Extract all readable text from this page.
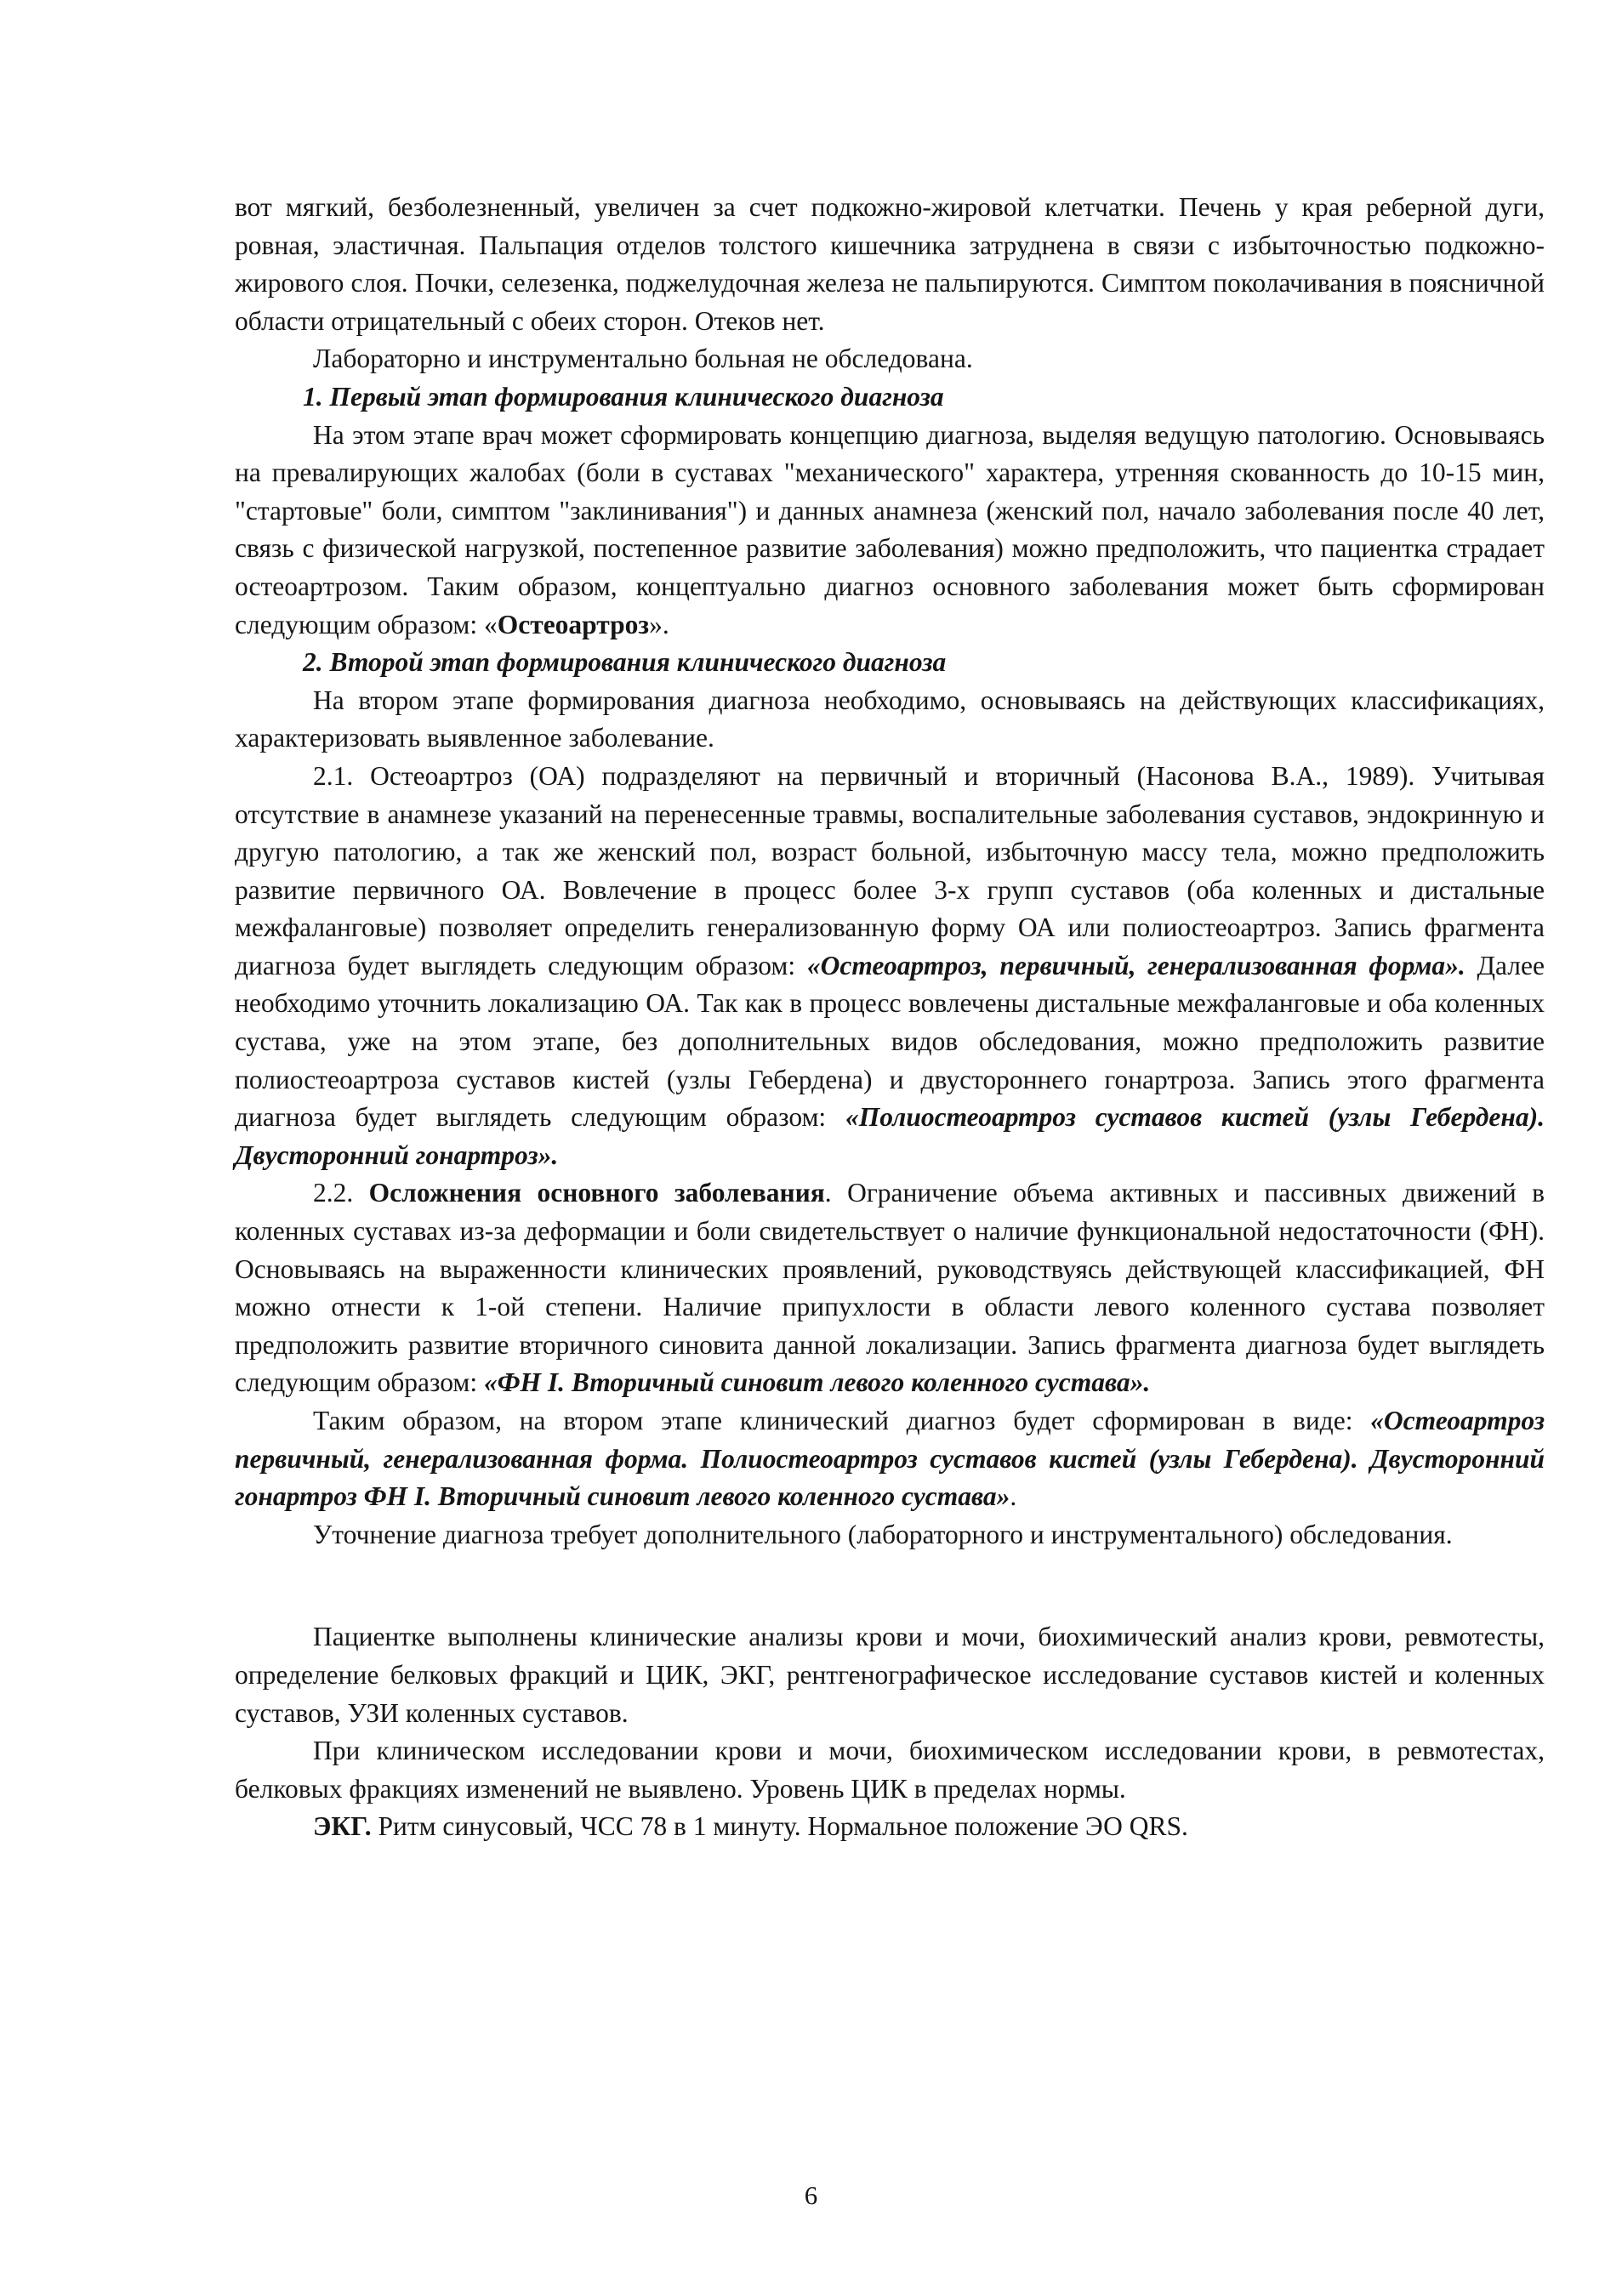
вот мягкий, безболезненный, увеличен за счет подкожно-жировой клетчатки. Печень у края реберной дуги, ровная, эластичная. Пальпация отделов толстого кишечника затруднена в связи с избыточностью подкожно-жирового слоя. Почки, селезенка, поджелудочная железа не пальпируются. Симптом поколачивания в поясничной области отрицательный с обеих сторон. Отеков нет.

Лабораторно и инструментально больная не обследована.

1. Первый этап формирования клинического диагноза

На этом этапе врач может сформировать концепцию диагноза, выделяя ведущую патологию. Основываясь на превалирующих жалобах (боли в суставах "механического" характера, утренняя скованность до 10-15 мин, "стартовые" боли, симптом "заклинивания") и данных анамнеза (женский пол, начало заболевания после 40 лет, связь с физической нагрузкой, постепенное развитие заболевания) можно предположить, что пациентка страдает остеоартрозом. Таким образом, концептуально диагноз основного заболевания может быть сформирован следующим образом: «Остеоартроз».

2. Второй этап формирования клинического диагноза

На втором этапе формирования диагноза необходимо, основываясь на действующих классификациях, характеризовать выявленное заболевание.

2.1. Остеоартроз (ОА) подразделяют на первичный и вторичный (Насонова В.А., 1989). Учитывая отсутствие в анамнезе указаний на перенесенные травмы, воспалительные заболевания суставов, эндокринную и другую патологию, а так же женский пол, возраст больной, избыточную массу тела, можно предположить развитие первичного ОА. Вовлечение в процесс более 3-х групп суставов (оба коленных и дистальные межфаланговые) позволяет определить генерализованную форму ОА или полиостеоартроз. Запись фрагмента диагноза будет выглядеть следующим образом: «Остеоартроз, первичный, генерализованная форма». Далее необходимо уточнить локализацию ОА. Так как в процесс вовлечены дистальные межфаланговые и оба коленных сустава, уже на этом этапе, без дополнительных видов обследования, можно предположить развитие полиостеоартроза суставов кистей (узлы Гебердена) и двустороннего гонартроза. Запись этого фрагмента диагноза будет выглядеть следующим образом: «Полиостеоартроз суставов кистей (узлы Гебердена). Двусторонний гонартроз».

2.2. Осложнения основного заболевания. Ограничение объема активных и пассивных движений в коленных суставах из-за деформации и боли свидетельствует о наличие функциональной недостаточности (ФН). Основываясь на выраженности клинических проявлений, руководствуясь действующей классификацией, ФН можно отнести к 1-ой степени. Наличие припухлости в области левого коленного сустава позволяет предположить развитие вторичного синовита данной локализации. Запись фрагмента диагноза будет выглядеть следующим образом: «ФН I. Вторичный синовит левого коленного сустава».

Таким образом, на втором этапе клинический диагноз будет сформирован в виде: «Остеоартроз первичный, генерализованная форма. Полиостеоартроз суставов кистей (узлы Гебердена). Двусторонний гонартроз ФН I. Вторичный синовит левого коленного сустава».

Уточнение диагноза требует дополнительного (лабораторного и инструментального) обследования.

Пациентке выполнены клинические анализы крови и мочи, биохимический анализ крови, ревмотесты, определение белковых фракций и ЦИК, ЭКГ, рентгенографическое исследование суставов кистей и коленных суставов, УЗИ коленных суставов.

При клиническом исследовании крови и мочи, биохимическом исследовании крови, в ревмотестах, белковых фракциях изменений не выявлено. Уровень ЦИК в пределах нормы.

ЭКГ. Ритм синусовый, ЧСС 78 в 1 минуту. Нормальное положение ЭО QRS.

6
